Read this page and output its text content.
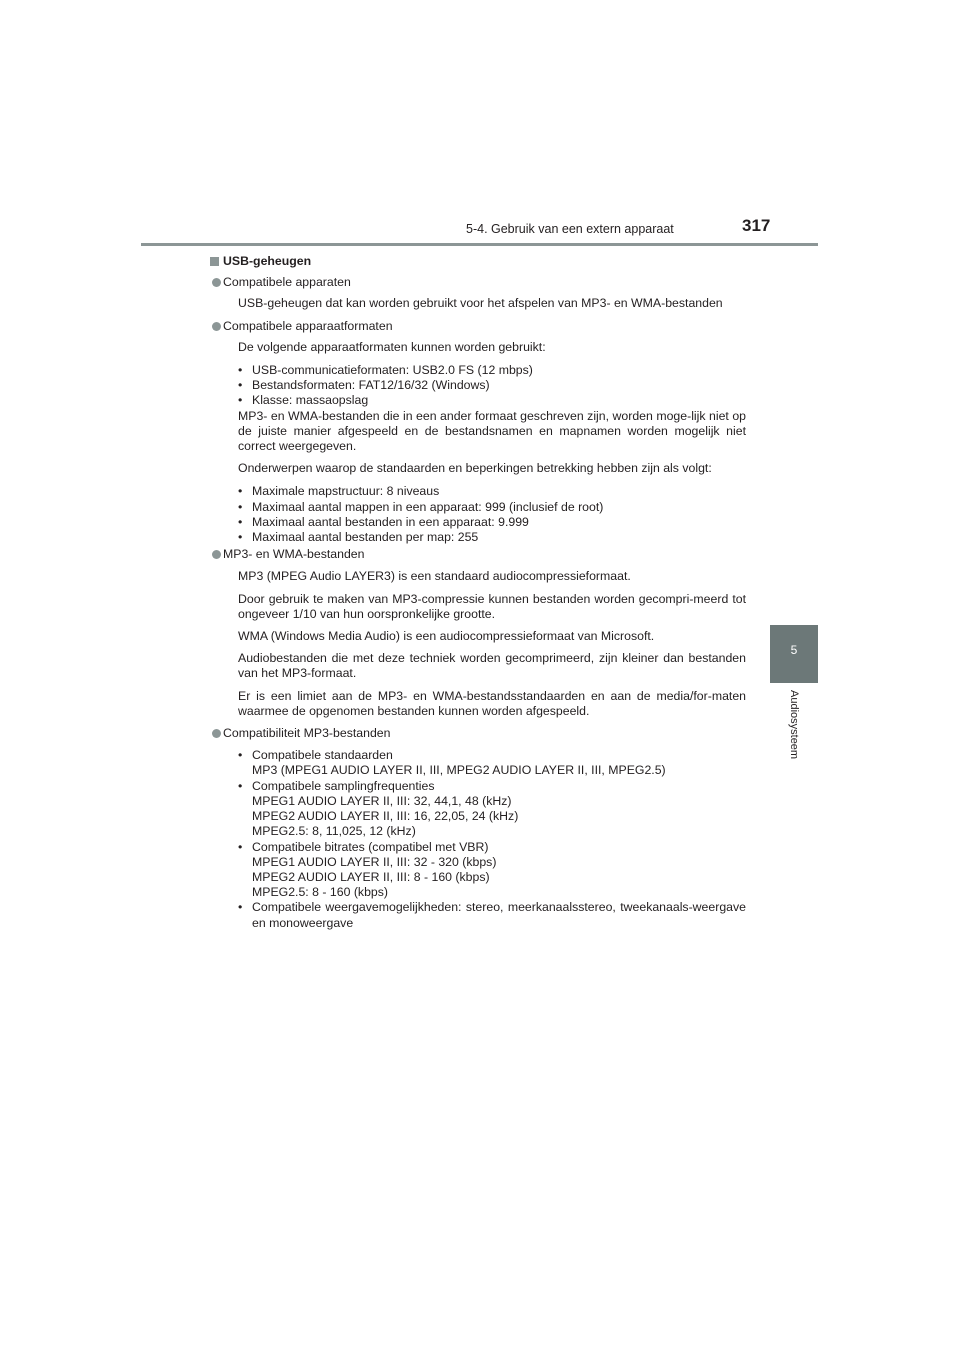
5-4. Gebruik van een extern apparaat	317
5
Audiosysteem
USB-geheugen
Compatibele apparaten
USB-geheugen dat kan worden gebruikt voor het afspelen van MP3- en WMA-bestanden
Compatibele apparaatformaten
De volgende apparaatformaten kunnen worden gebruikt:
• USB-communicatieformaten: USB2.0 FS (12 mbps)
• Bestandsformaten: FAT12/16/32 (Windows)
• Klasse: massaopslag
MP3- en WMA-bestanden die in een ander formaat geschreven zijn, worden moge-lijk niet op de juiste manier afgespeeld en de bestandsnamen en mapnamen worden mogelijk niet correct weergegeven.
Onderwerpen waarop de standaarden en beperkingen betrekking hebben zijn als volgt:
• Maximale mapstructuur: 8 niveaus
• Maximaal aantal mappen in een apparaat: 999 (inclusief de root)
• Maximaal aantal bestanden in een apparaat: 9.999
• Maximaal aantal bestanden per map: 255
MP3- en WMA-bestanden
MP3 (MPEG Audio LAYER3) is een standaard audiocompressieformaat.
Door gebruik te maken van MP3-compressie kunnen bestanden worden gecompri-meerd tot ongeveer 1/10 van hun oorspronkelijke grootte.
WMA (Windows Media Audio) is een audiocompressieformaat van Microsoft.
Audiobestanden die met deze techniek worden gecomprimeerd, zijn kleiner dan bestanden van het MP3-formaat.
Er is een limiet aan de MP3- en WMA-bestandsstandaarden en aan de media/for-maten waarmee de opgenomen bestanden kunnen worden afgespeeld.
Compatibiliteit MP3-bestanden
• Compatibele standaarden
MP3 (MPEG1 AUDIO LAYER II, III, MPEG2 AUDIO LAYER II, III, MPEG2.5)
• Compatibele samplingfrequenties
MPEG1 AUDIO LAYER II, III: 32, 44,1, 48 (kHz)
MPEG2 AUDIO LAYER II, III: 16, 22,05, 24 (kHz)
MPEG2.5: 8, 11,025, 12 (kHz)
• Compatibele bitrates (compatibel met VBR)
MPEG1 AUDIO LAYER II, III: 32 - 320 (kbps)
MPEG2 AUDIO LAYER II, III: 8 - 160 (kbps)
MPEG2.5: 8 - 160 (kbps)
• Compatibele weergavemogelijkheden: stereo, meerkanaalsstereo, tweekanaals-weergave en monoweergave
